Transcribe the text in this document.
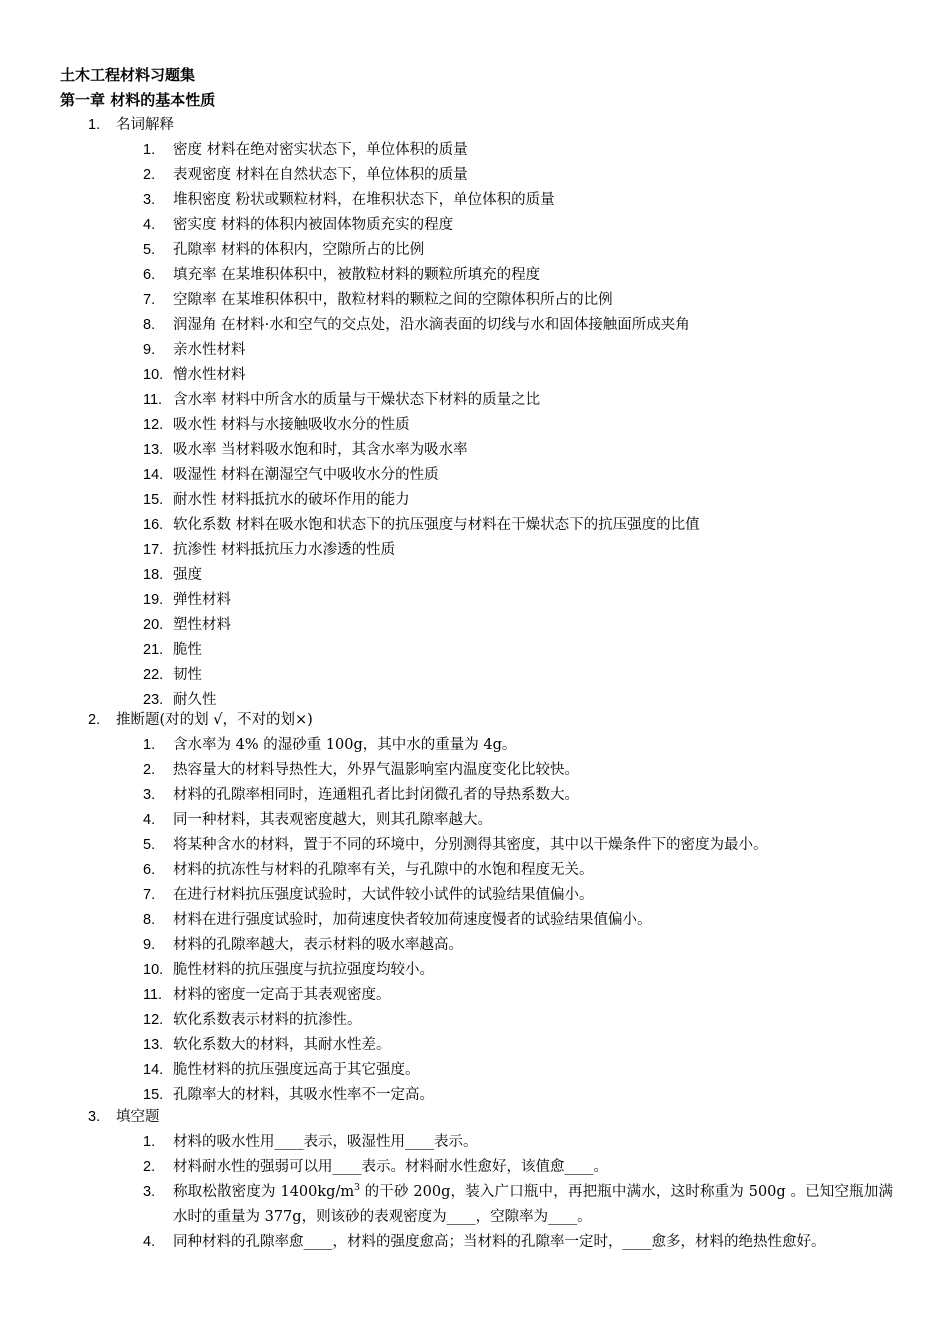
土木工程材料习题集
第一章 材料的基本性质
1. 名词解释
1. 密度 材料在绝对密实状态下，单位体积的质量
2. 表观密度 材料在自然状态下，单位体积的质量
3. 堆积密度 粉状或颗粒材料，在堆积状态下，单位体积的质量
4. 密实度 材料的体积内被固体物质充实的程度
5. 孔隙率 材料的体积内，空隙所占的比例
6. 填充率 在某堆积体积中，被散粒材料的颗粒所填充的程度
7. 空隙率 在某堆积体积中，散粒材料的颗粒之间的空隙体积所占的比例
8. 润湿角 在材料·水和空气的交点处，沿水滴表面的切线与水和固体接触面所成夹角
9. 亲水性材料
10. 憎水性材料
11. 含水率 材料中所含水的质量与干燥状态下材料的质量之比
12. 吸水性 材料与水接触吸收水分的性质
13. 吸水率 当材料吸水饱和时，其含水率为吸水率
14. 吸湿性 材料在潮湿空气中吸收水分的性质
15. 耐水性 材料抵抗水的破坏作用的能力
16. 软化系数 材料在吸水饱和状态下的抗压强度与材料在干燥状态下的抗压强度的比值
17. 抗渗性 材料抵抗压力水渗透的性质
18. 强度
19. 弹性材料
20. 塑性材料
21. 脆性
22. 韧性
23. 耐久性
2. 推断题(对的划 √，不对的划×)
1. 含水率为 4% 的湿砂重 100g，其中水的重量为 4g。
2. 热容量大的材料导热性大，外界气温影响室内温度变化比较快。
3. 材料的孔隙率相同时，连通粗孔者比封闭微孔者的导热系数大。
4. 同一种材料，其表观密度越大，则其孔隙率越大。
5. 将某种含水的材料，置于不同的环境中，分别测得其密度，其中以干燥条件下的密度为最小。
6. 材料的抗冻性与材料的孔隙率有关，与孔隙中的水饱和程度无关。
7. 在进行材料抗压强度试验时，大试件较小试件的试验结果值偏小。
8. 材料在进行强度试验时，加荷速度快者较加荷速度慢者的试验结果值偏小。
9. 材料的孔隙率越大，表示材料的吸水率越高。
10. 脆性材料的抗压强度与抗拉强度均较小。
11. 材料的密度一定高于其表观密度。
12. 软化系数表示材料的抗渗性。
13. 软化系数大的材料，其耐水性差。
14. 脆性材料的抗压强度远高于其它强度。
15. 孔隙率大的材料，其吸水性率不一定高。
3. 填空题
1. 材料的吸水性用____表示，吸湿性用____表示。
2. 材料耐水性的强弱可以用____表示。材料耐水性愈好，该值愈____。
3. 称取松散密度为 $1400kg/m^3$ 的干砂 200g，装入广口瓶中，再把瓶中满水，这时称重为 500g 。已知空瓶加满水时的重量为 377g，则该砂的表观密度为____，空隙率为____。
4. 同种材料的孔隙率愈____，材料的强度愈高；当材料的孔隙率一定时，____愈多，材料的绝热性愈好。
